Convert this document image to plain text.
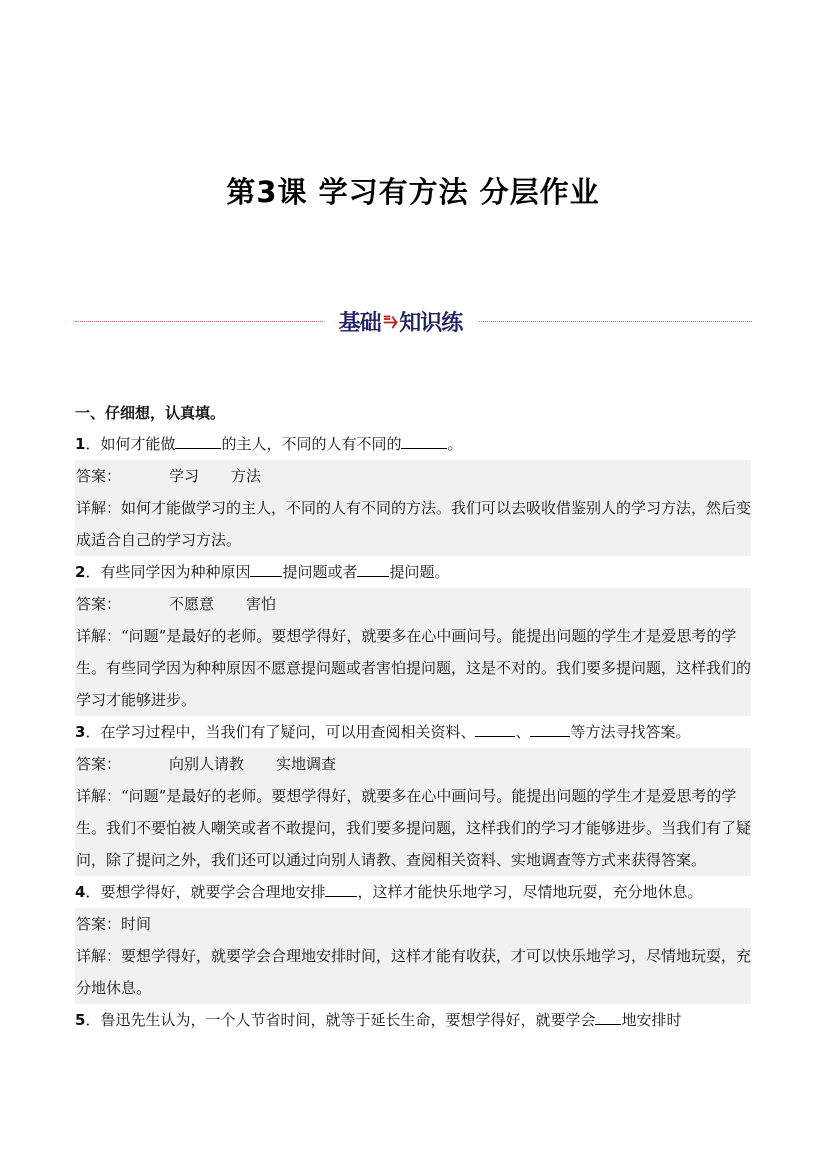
第3课 学习有方法 分层作业
基础 ⥱ 知识练
一、仔细想，认真填。
1．如何才能做	的主人，不同的人有不同的	。
答案：	学习 方法
详解：如何才能做学习的主人，不同的人有不同的方法。我们可以去吸收借鉴别人的学习方法，然后变成适合自己的学习方法。
2．有些同学因为种种原因 提问题或者 提问题。
答案：	不愿意 害怕
详解：“问题”是最好的老师。要想学得好，就要多在心中画问号。能提出问题的学生才是爱思考的学生。有些同学因为种种原因不愿意提问题或者害怕提问题，这是不对的。我们要多提问题，这样我们的学习才能够进步。
3．在学习过程中，当我们有了疑问，可以用查阅相关资料、	、	等方法寻找答案。
答案：	向别人请教 实地调查
详解：“问题”是最好的老师。要想学得好，就要多在心中画问号。能提出问题的学生才是爱思考的学生。我们不要怕被人嘲笑或者不敢提问，我们要多提问题，这样我们的学习才能够进步。当我们有了疑问，除了提问之外，我们还可以通过向别人请教、查阅相关资料、实地调查等方式来获得答案。
4．要想学得好，就要学会合理地安排 ，这样才能快乐地学习，尽情地玩耍，充分地休息。
答案：时间
详解：要想学得好，就要学会合理地安排时间，这样才能有收获，才可以快乐地学习，尽情地玩耍，充分地休息。
5．鲁迅先生认为，一个人节省时间，就等于延长生命，要想学得好，就要学会 地安排时
